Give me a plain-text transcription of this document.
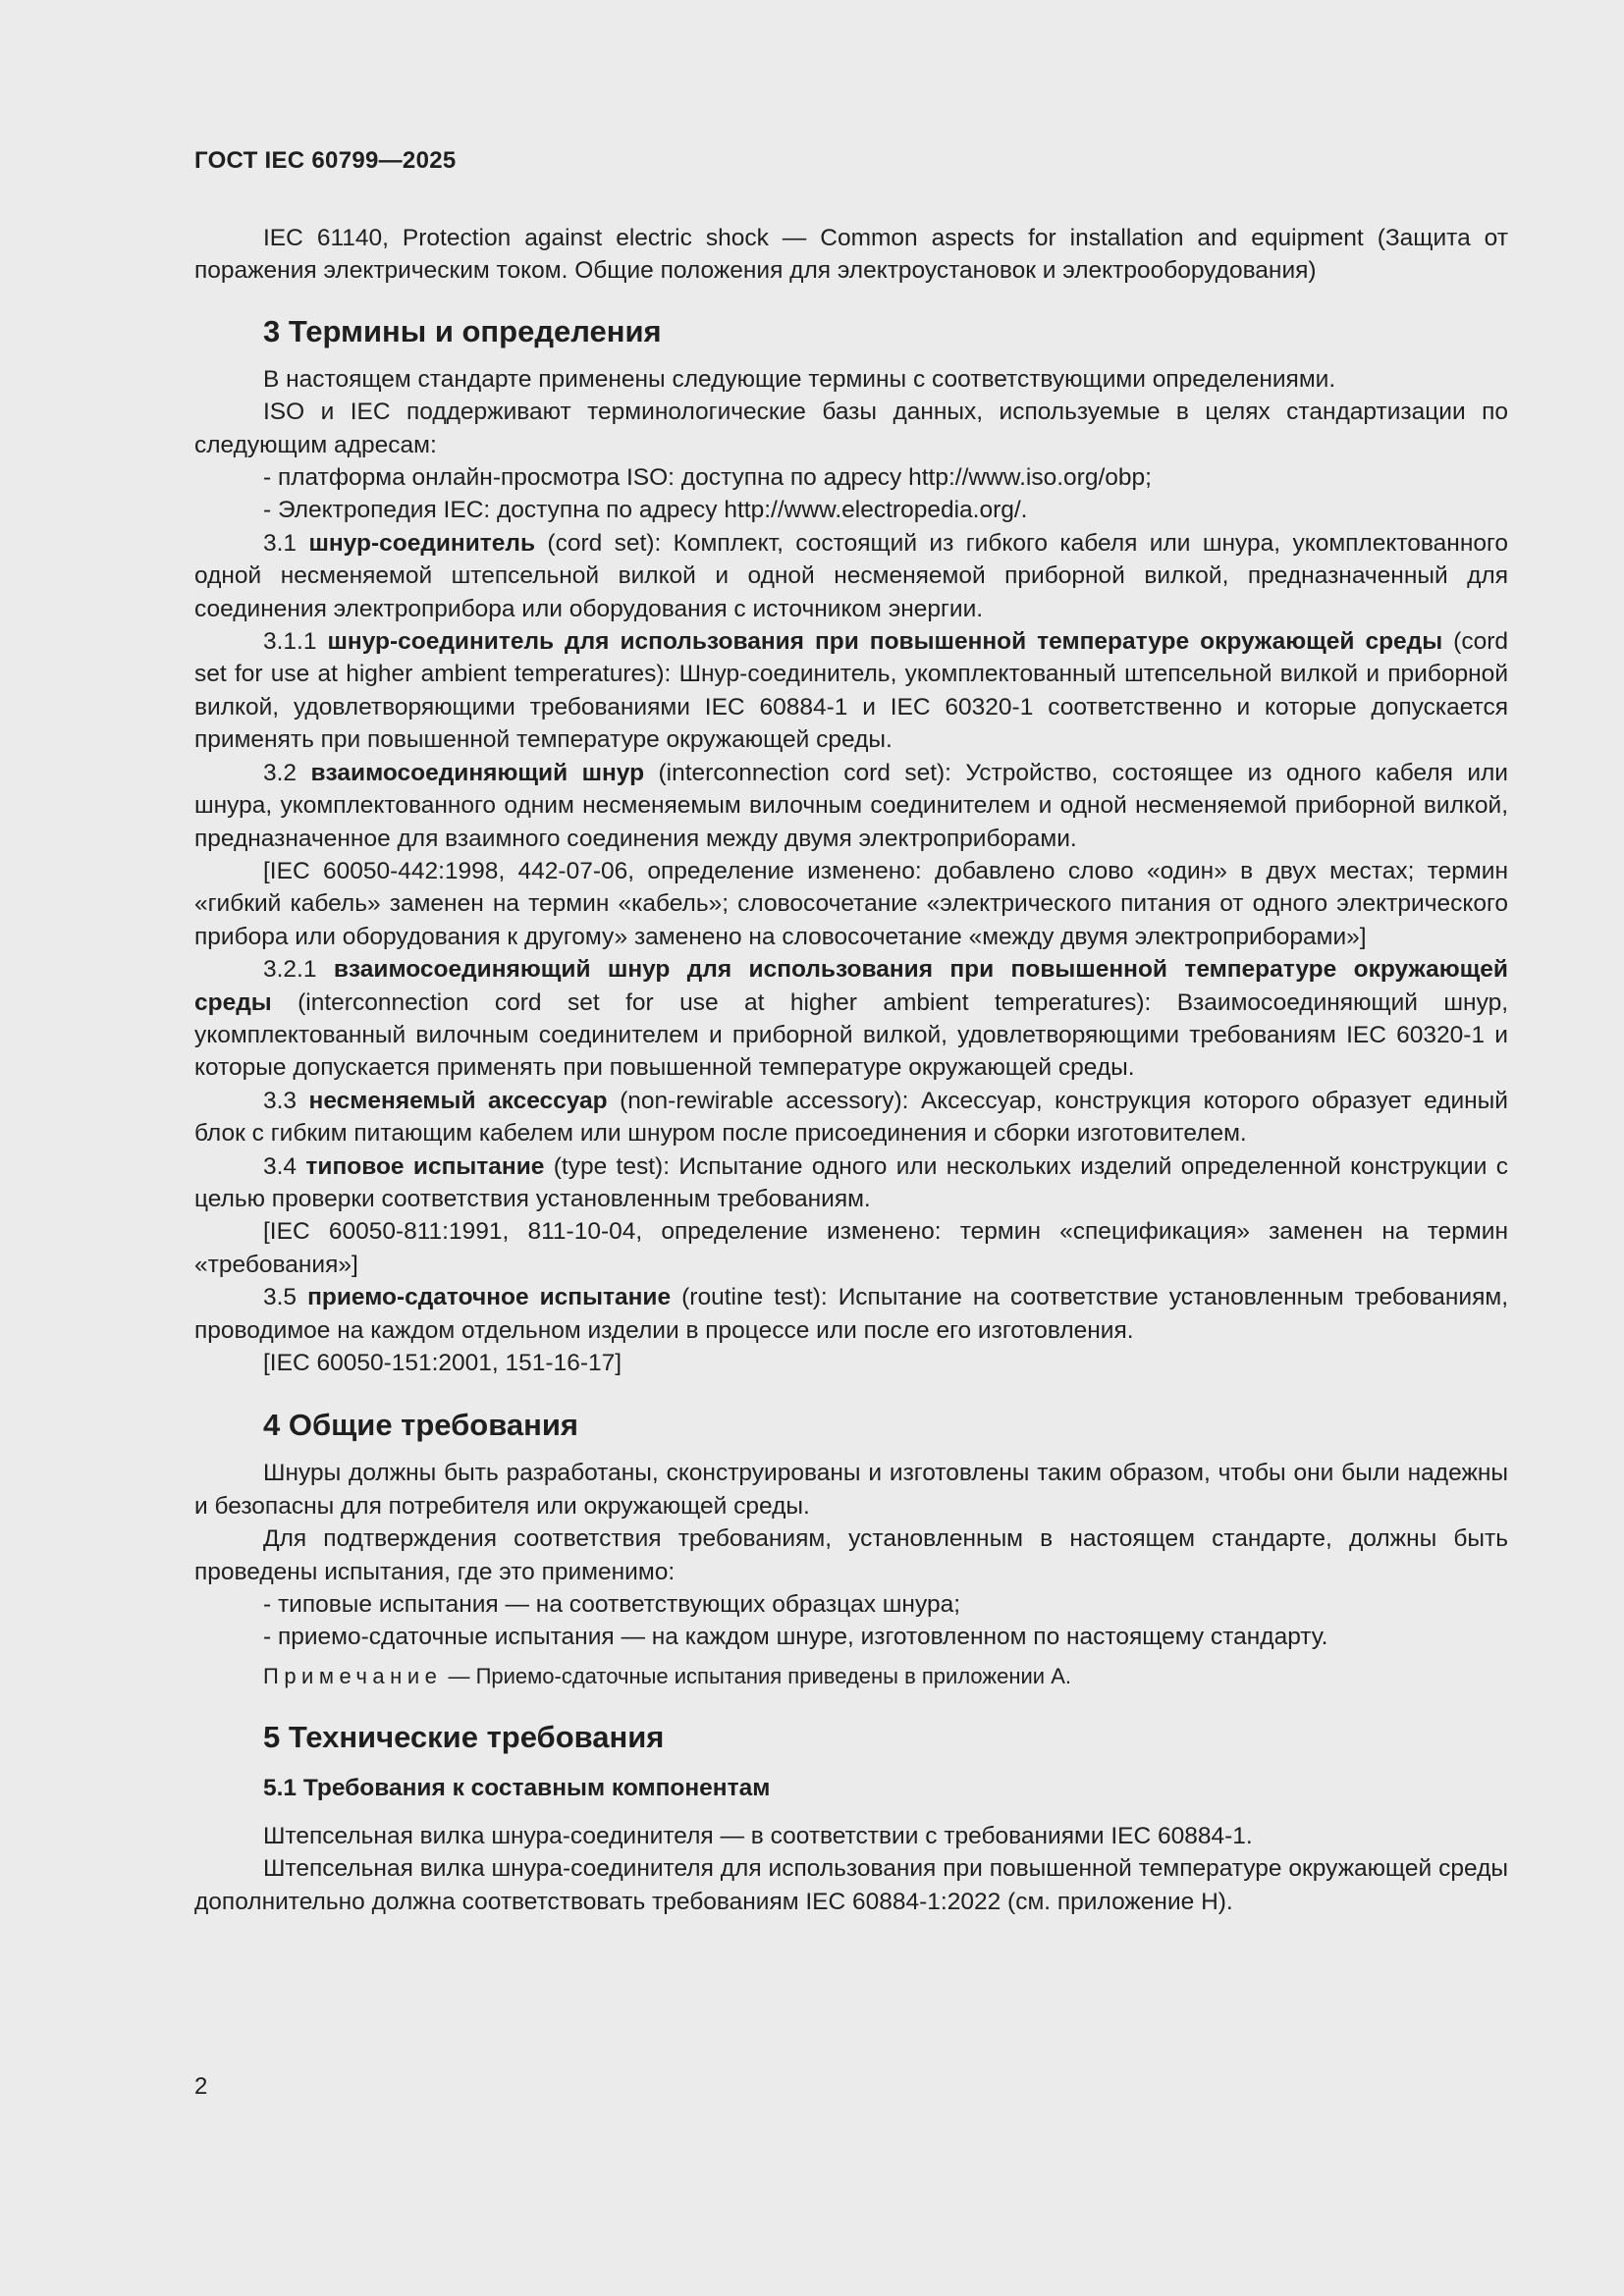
ГОСТ IEC 60799—2025

IEC 61140, Protection against electric shock — Common aspects for installation and equipment (Защита от поражения электрическим током. Общие положения для электроустановок и электрооборудования)

3 Термины и определения

В настоящем стандарте применены следующие термины с соответствующими определениями.

ISO и IEC поддерживают терминологические базы данных, используемые в целях стандартизации по следующим адресам:

- платформа онлайн-просмотра ISO: доступна по адресу http://www.iso.org/obp;

- Электропедия IEC: доступна по адресу http://www.electropedia.org/.

3.1 шнур-соединитель (cord set): Комплект, состоящий из гибкого кабеля или шнура, укомплектованного одной несменяемой штепсельной вилкой и одной несменяемой приборной вилкой, предназначенный для соединения электроприбора или оборудования с источником энергии.

3.1.1 шнур-соединитель для использования при повышенной температуре окружающей среды (cord set for use at higher ambient temperatures): Шнур-соединитель, укомплектованный штепсельной вилкой и приборной вилкой, удовлетворяющими требованиями IEC 60884-1 и IEC 60320-1 соответственно и которые допускается применять при повышенной температуре окружающей среды.

3.2 взаимосоединяющий шнур (interconnection cord set): Устройство, состоящее из одного кабеля или шнура, укомплектованного одним несменяемым вилочным соединителем и одной несменяемой приборной вилкой, предназначенное для взаимного соединения между двумя электроприборами.

[IEC 60050-442:1998, 442-07-06, определение изменено: добавлено слово «один» в двух местах; термин «гибкий кабель» заменен на термин «кабель»; словосочетание «электрического питания от одного электрического прибора или оборудования к другому» заменено на словосочетание «между двумя электроприборами»]

3.2.1 взаимосоединяющий шнур для использования при повышенной температуре окружающей среды (interconnection cord set for use at higher ambient temperatures): Взаимосоединяющий шнур, укомплектованный вилочным соединителем и приборной вилкой, удовлетворяющими требованиям IEC 60320-1 и которые допускается применять при повышенной температуре окружающей среды.

3.3 несменяемый аксессуар (non-rewirable accessory): Аксессуар, конструкция которого образует единый блок с гибким питающим кабелем или шнуром после присоединения и сборки изготовителем.

3.4 типовое испытание (type test): Испытание одного или нескольких изделий определенной конструкции с целью проверки соответствия установленным требованиям.

[IEC 60050-811:1991, 811-10-04, определение изменено: термин «спецификация» заменен на термин «требования»]

3.5 приемо-сдаточное испытание (routine test): Испытание на соответствие установленным требованиям, проводимое на каждом отдельном изделии в процессе или после его изготовления.

[IEC 60050-151:2001, 151-16-17]

4 Общие требования

Шнуры должны быть разработаны, сконструированы и изготовлены таким образом, чтобы они были надежны и безопасны для потребителя или окружающей среды.

Для подтверждения соответствия требованиям, установленным в настоящем стандарте, должны быть проведены испытания, где это применимо:

- типовые испытания — на соответствующих образцах шнура;

- приемо-сдаточные испытания — на каждом шнуре, изготовленном по настоящему стандарту.

Примечание — Приемо-сдаточные испытания приведены в приложении А.

5 Технические требования
5.1 Требования к составным компонентам

Штепсельная вилка шнура-соединителя — в соответствии с требованиями IEC 60884-1.

Штепсельная вилка шнура-соединителя для использования при повышенной температуре окружающей среды дополнительно должна соответствовать требованиям IEC 60884-1:2022 (см. приложение H).

2
